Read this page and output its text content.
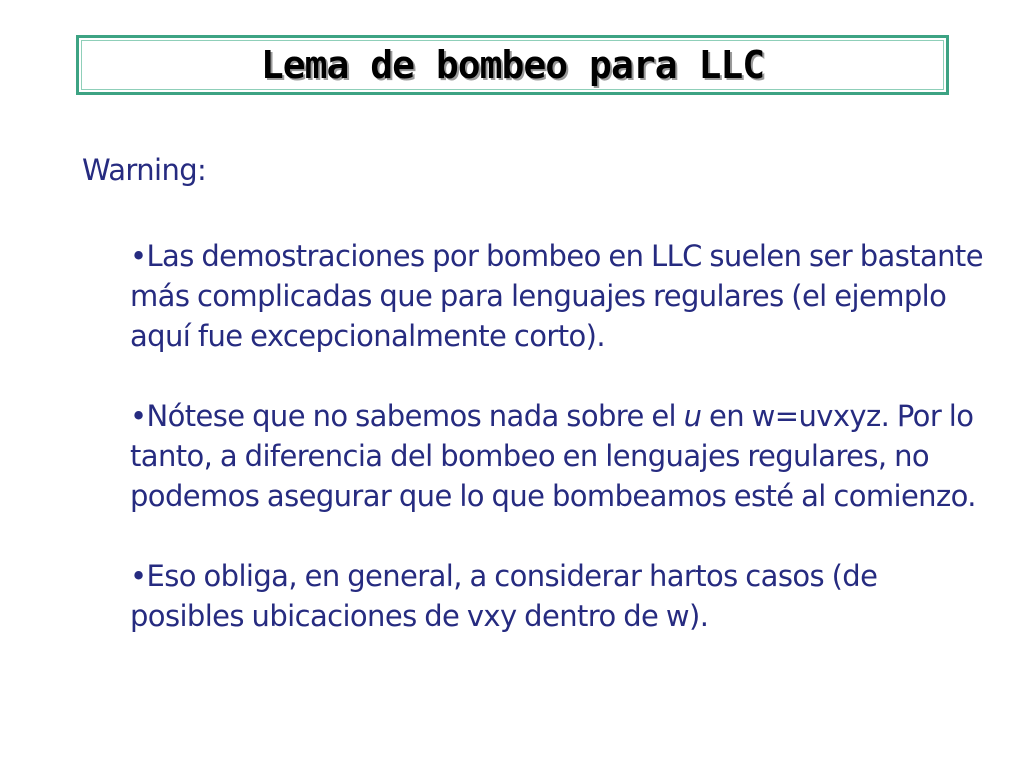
Lema de bombeo para LLC
Warning:
•Las demostraciones por bombeo en LLC suelen ser bastante más complicadas que para lenguajes regulares (el ejemplo aquí fue excepcionalmente corto).
•Nótese que no sabemos nada sobre el u en w=uvxyz. Por lo tanto, a diferencia del bombeo en lenguajes regulares, no podemos asegurar que lo que bombeamos esté al comienzo.
•Eso obliga, en general, a considerar hartos casos (de posibles ubicaciones de vxy dentro de w).
